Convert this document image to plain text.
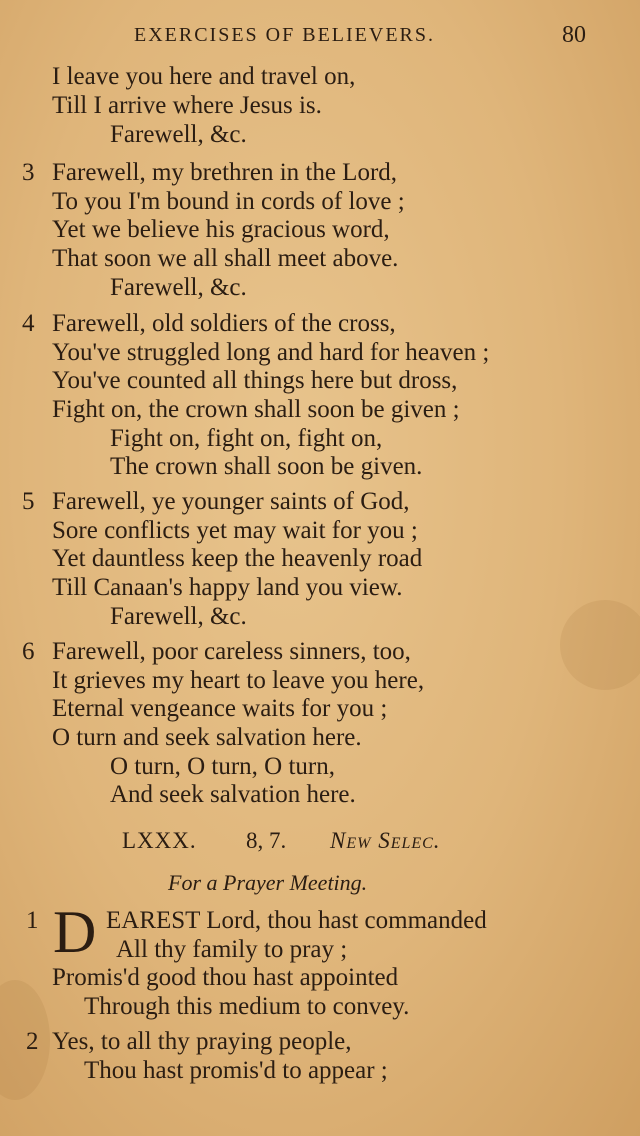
EXERCISES OF BELIEVERS.	80
I leave you here and travel on,
Till I arrive where Jesus is.
Farewell, &c.
3 Farewell, my brethren in the Lord,
To you I'm bound in cords of love ;
Yet we believe his gracious word,
That soon we all shall meet above.
Farewell, &c.
4 Farewell, old soldiers of the cross,
You've struggled long and hard for heaven ;
You've counted all things here but dross,
Fight on, the crown shall soon be given ;
Fight on, fight on, fight on,
The crown shall soon be given.
5 Farewell, ye younger saints of God,
Sore conflicts yet may wait for you ;
Yet dauntless keep the heavenly road
Till Canaan's happy land you view.
Farewell, &c.
6 Farewell, poor careless sinners, too,
It grieves my heart to leave you here,
Eternal vengeance waits for you ;
O turn and seek salvation here.
O turn, O turn, O turn,
And seek salvation here.
LXXX. 8, 7. New Selec.
For a Prayer Meeting.
1 D EAREST Lord, thou hast commanded
All thy family to pray ;
Promis'd good thou hast appointed
Through this medium to convey.
2 Yes, to all thy praying people,
Thou hast promis'd to appear ;
